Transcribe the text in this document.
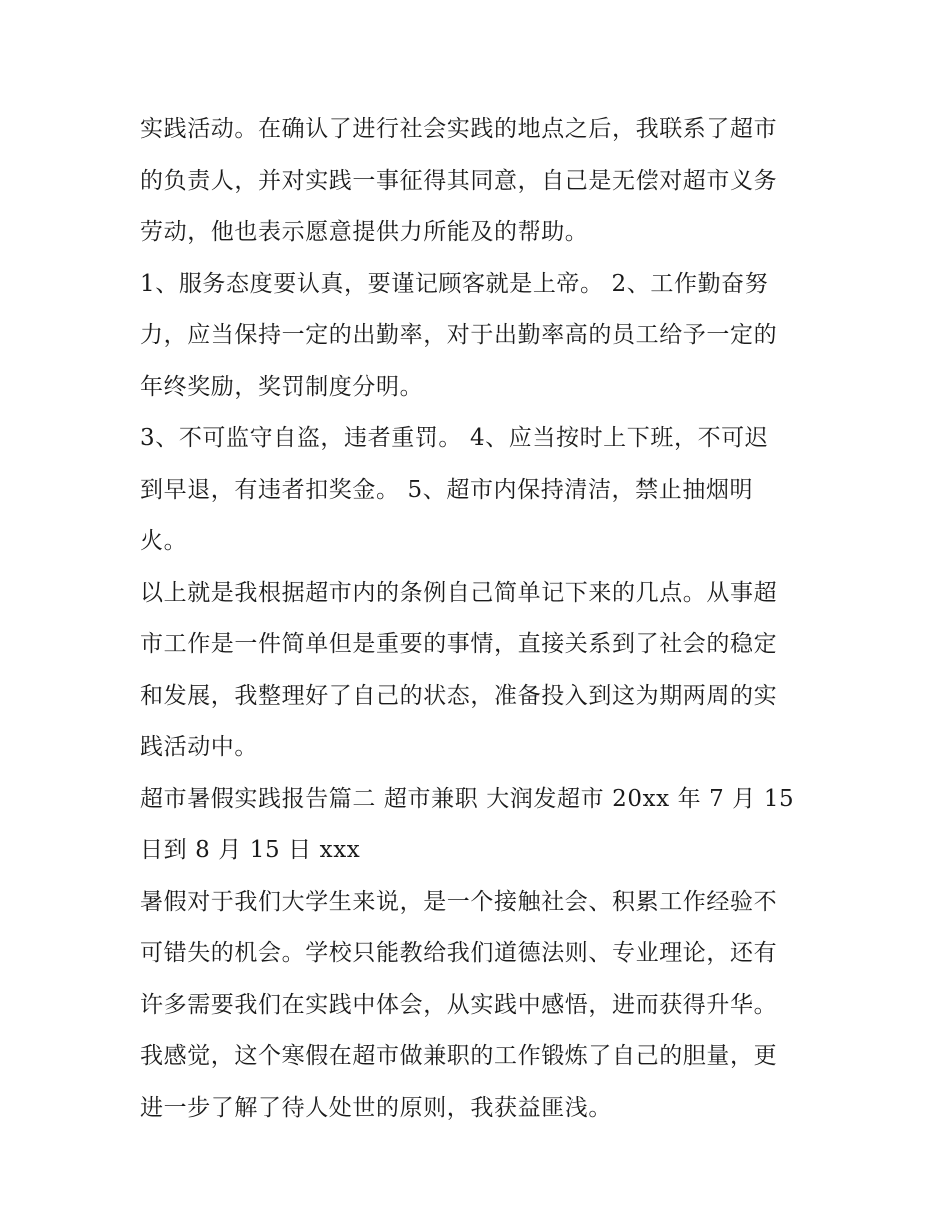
实践活动。在确认了进行社会实践的地点之后，我联系了超市
的负责人，并对实践一事征得其同意，自己是无偿对超市义务
劳动，他也表示愿意提供力所能及的帮助。

1、服务态度要认真，要谨记顾客就是上帝。 2、工作勤奋努
力，应当保持一定的出勤率，对于出勤率高的员工给予一定的
年终奖励，奖罚制度分明。

3、不可监守自盗，违者重罚。 4、应当按时上下班，不可迟
到早退，有违者扣奖金。 5、超市内保持清洁，禁止抽烟明
火。

以上就是我根据超市内的条例自己简单记下来的几点。从事超
市工作是一件简单但是重要的事情，直接关系到了社会的稳定
和发展，我整理好了自己的状态，准备投入到这为期两周的实
践活动中。

超市暑假实践报告篇二 超市兼职 大润发超市 20xx 年 7 月 15
日到 8 月 15 日 xxx

暑假对于我们大学生来说，是一个接触社会、积累工作经验不
可错失的机会。学校只能教给我们道德法则、专业理论，还有
许多需要我们在实践中体会，从实践中感悟，进而获得升华。
我感觉，这个寒假在超市做兼职的工作锻炼了自己的胆量，更
进一步了解了待人处世的原则，我获益匪浅。
